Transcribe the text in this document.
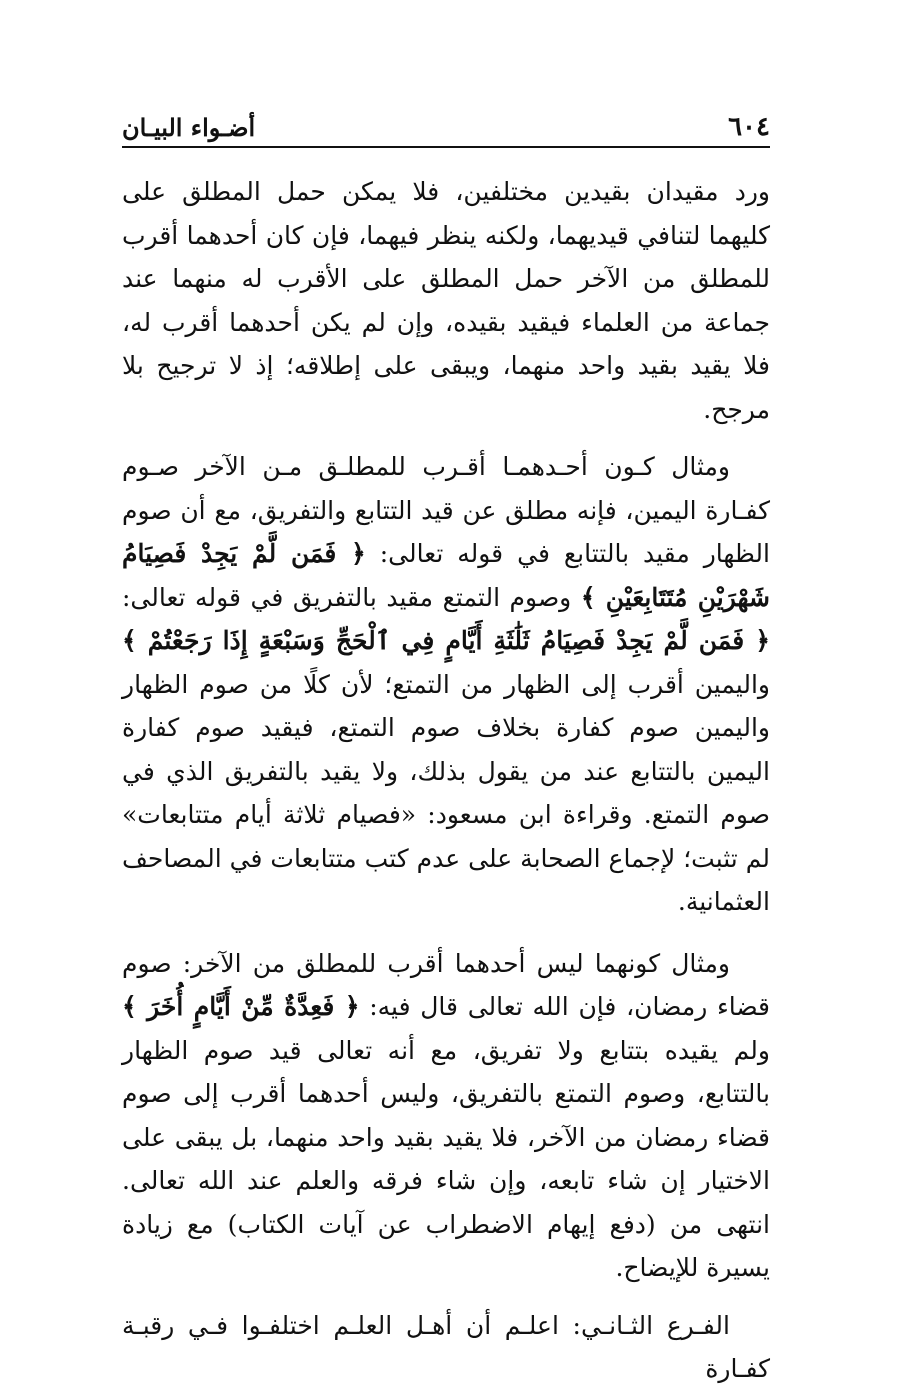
٦٠٤
أضـواء البيـان

ورد مقيدان بقيدين مختلفين، فلا يمكن حمل المطلق على كليهما لتنافي قيديهما، ولكنه ينظر فيهما، فإن كان أحدهما أقرب للمطلق من الآخر حمل المطلق على الأقرب له منهما عند جماعة من العلماء فيقيد بقيده، وإن لم يكن أحدهما أقرب له، فلا يقيد بقيد واحد منهما، ويبقى على إطلاقه؛ إذ لا ترجيح بلا مرجح.

ومثال كـون أحـدهمـا أقـرب للمطلـق مـن الآخر صـوم كفـارة اليمين، فإنه مطلق عن قيد التتابع والتفريق، مع أن صوم الظهار مقيد بالتتابع في قوله تعالى: ﴿ فَمَن لَّمْ يَجِدْ فَصِيَامُ شَهْرَيْنِ مُتَتَابِعَيْنِ ﴾ وصوم التمتع مقيد بالتفريق في قوله تعالى: ﴿ فَمَن لَّمْ يَجِدْ فَصِيَامُ ثَلَٰثَةِ أَيَّامٍ فِي ٱلْحَجِّ وَسَبْعَةٍ إِذَا رَجَعْتُمْ ﴾ واليمين أقرب إلى الظهار من التمتع؛ لأن كلًا من صوم الظهار واليمين صوم كفارة بخلاف صوم التمتع، فيقيد صوم كفارة اليمين بالتتابع عند من يقول بذلك، ولا يقيد بالتفريق الذي في صوم التمتع. وقراءة ابن مسعود: «فصيام ثلاثة أيام متتابعات» لم تثبت؛ لإجماع الصحابة على عدم كتب متتابعات في المصاحف العثمانية.

ومثال كونهما ليس أحدهما أقرب للمطلق من الآخر: صوم قضاء رمضان، فإن الله تعالى قال فيه: ﴿ فَعِدَّةٌ مِّنْ أَيَّامٍ أُخَرَ ﴾ ولم يقيده بتتابع ولا تفريق، مع أنه تعالى قيد صوم الظهار بالتتابع، وصوم التمتع بالتفريق، وليس أحدهما أقرب إلى صوم قضاء رمضان من الآخر، فلا يقيد بقيد واحد منهما، بل يبقى على الاختيار إن شاء تابعه، وإن شاء فرقه والعلم عند الله تعالى. انتهى من (دفع إيهام الاضطراب عن آيات الكتاب) مع زيادة يسيرة للإيضاح.

الفـرع الثـانـي: اعلـم أن أهـل العلـم اختلفـوا فـي رقبـة كفـارة
